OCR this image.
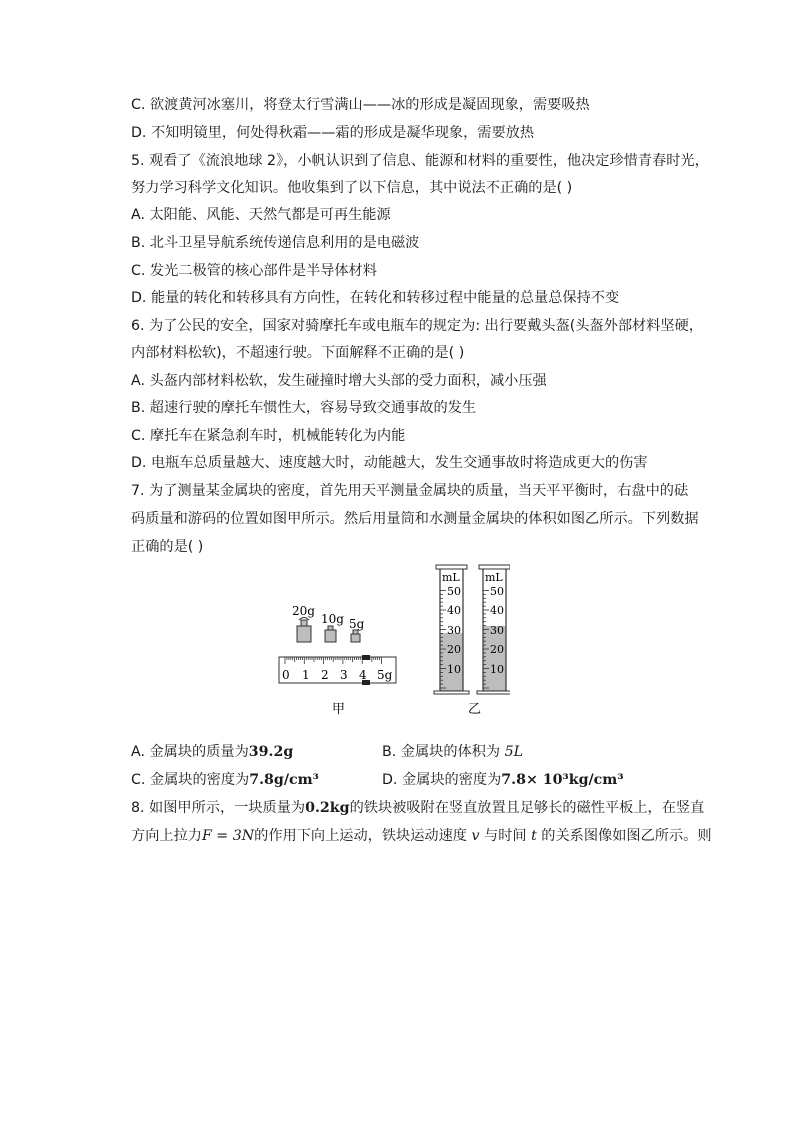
C. 欲渡黄河冰塞川，将登太行雪满山——冰的形成是凝固现象，需要吸热
D. 不知明镜里，何处得秋霜——霜的形成是凝华现象，需要放热
5. 观看了《流浪地球 2》，小帆认识到了信息、能源和材料的重要性，他决定珍惜青春时光，
努力学习科学文化知识。他收集到了以下信息，其中说法不正确的是( )
A. 太阳能、风能、天然气都是可再生能源
B. 北斗卫星导航系统传递信息利用的是电磁波
C. 发光二极管的核心部件是半导体材料
D. 能量的转化和转移具有方向性，在转化和转移过程中能量的总量总保持不变
6. 为了公民的安全，国家对骑摩托车或电瓶车的规定为: 出行要戴头盔(头盔外部材料坚硬，
内部材料松软)，不超速行驶。下面解释不正确的是( )
A. 头盔内部材料松软，发生碰撞时增大头部的受力面积，减小压强
B. 超速行驶的摩托车惯性大，容易导致交通事故的发生
C. 摩托车在紧急刹车时，机械能转化为内能
D. 电瓶车总质量越大、速度越大时，动能越大，发生交通事故时将造成更大的伤害
7. 为了测量某金属块的密度，首先用天平测量金属块的质量，当天平平衡时，右盘中的砝
码质量和游码的位置如图甲所示。然后用量筒和水测量金属块的体积如图乙所示。下列数据
正确的是( )
20g
10g 5g
0 1 2 3 4 5g
甲
mL
50
40
30
20
10
mL
50
40
30
20
10
乙
A. 金属块的质量为39.2g	B. 金属块的体积为 5L
C. 金属块的密度为7.8g/cm³	D. 金属块的密度为7.8× 10³kg/cm³
8. 如图甲所示，一块质量为0.2kg的铁块被吸附在竖直放置且足够长的磁性平板上，在竖直
方向上拉力F = 3N的作用下向上运动，铁块运动速度 v 与时间 t 的关系图像如图乙所示。则
